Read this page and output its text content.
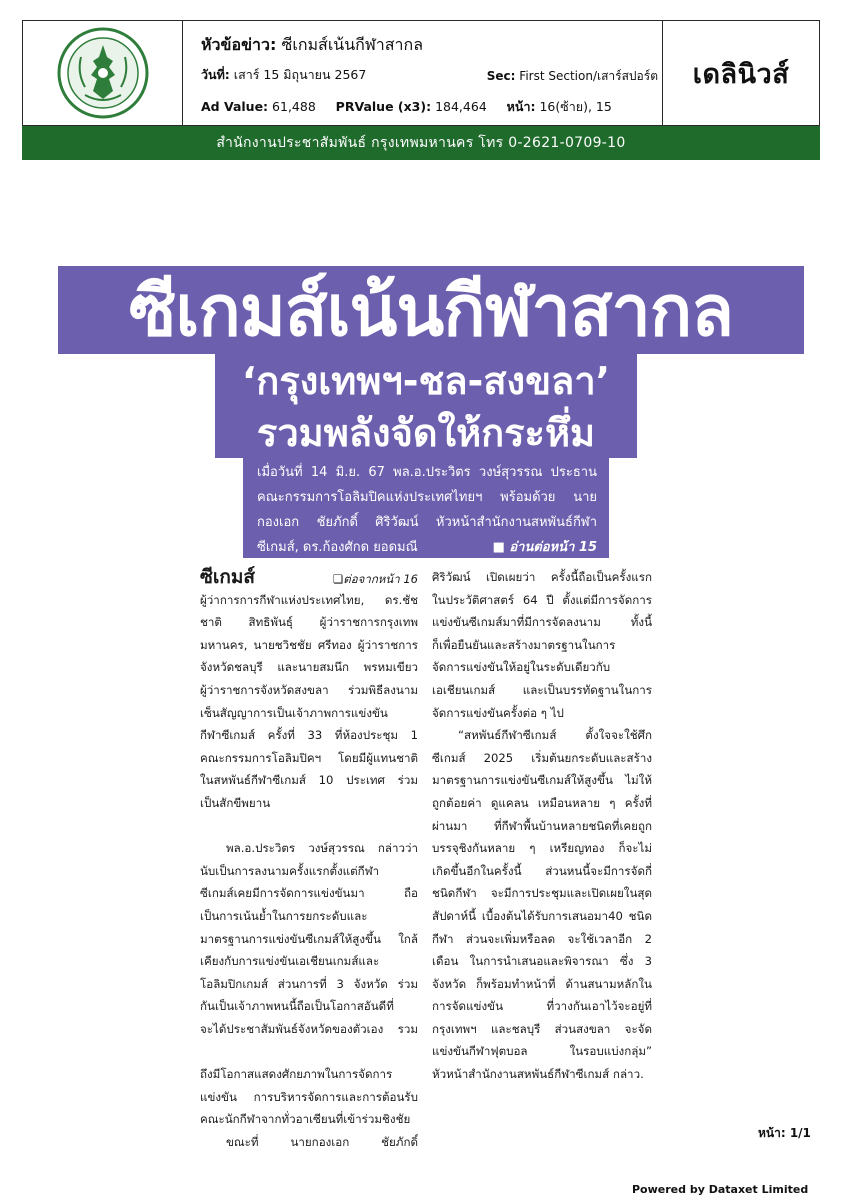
หัวข้อข่าว: ซีเกมส์เน้นกีฬาสากล
วันที่: เสาร์ 15 มิถุนายน 2567	Sec: First Section/เสาร์สปอร์ต
Ad Value: 61,488 PRValue (x3): 184,464 หน้า: 16(ซ้าย), 15
เดลินิวส์
สำนักงานประชาสัมพันธ์ กรุงเทพมหานคร โทร 0-2621-0709-10
ซีเกมส์เน้นกีฬาสากล
‘กรุงเทพฯ-ชล-สงขลา’
รวมพลังจัดให้กระหึ่ม

เมื่อวันที่ 14 มิ.ย. 67 พล.อ.ประวิตร วงษ์สุวรรณ ประธาน

คณะกรรมการโอลิมปิคแห่งประเทศไทยฯ พร้อมด้วย นาย

กองเอก ชัยภักดิ์ ศิริวัฒน์ หัวหน้าสำนักงานสหพันธ์กีฬา

ซีเกมส์, ดร.ก้องศักด ยอดมณี	■ อ่านต่อหน้า 15

ซีเกมส์	❏ต่อจากหน้า 16
ผู้ว่าการการกีฬาแห่งประเทศไทย, ดร.ชัช
ชาติ สิทธิพันธุ์ ผู้ว่าราชการกรุงเทพ
มหานคร, นายชวิชชัย ศรีทอง ผู้ว่าราชการ
จังหวัดชลบุรี และนายสมนึก พรหมเขียว
ผู้ว่าราชการจังหวัดสงขลา ร่วมพิธีลงนาม
เซ็นสัญญาการเป็นเจ้าภาพการแข่งขัน
กีฬาซีเกมส์ ครั้งที่ 33 ที่ห้องประชุม 1
คณะกรรมการโอลิมปิคฯ โดยมีผู้แทนชาติ
ในสหพันธ์กีฬาซีเกมส์ 10 ประเทศ ร่วม
เป็นสักขีพยาน
พล.อ.ประวิตร วงษ์สุวรรณ กล่าวว่า
นับเป็นการลงนามครั้งแรกตั้งแต่กีฬา
ซีเกมส์เคยมีการจัดการแข่งขันมา ถือ
เป็นการเน้นย้ำในการยกระดับและ
มาตรฐานการแข่งขันซีเกมส์ให้สูงขึ้น ใกล้
เคียงกับการแข่งขันเอเชียนเกมส์และ
โอลิมปิกเกมส์ ส่วนการที่ 3 จังหวัด ร่วม
กันเป็นเจ้าภาพหนนี้ถือเป็นโอกาสอันดีที่
จะได้ประชาสัมพันธ์จังหวัดของตัวเอง รวม
ถึงมีโอกาสแสดงศักยภาพในการจัดการ
แข่งขัน การบริหารจัดการและการต้อนรับ
คณะนักกีฬาจากทั่วอาเซียนที่เข้าร่วมชิงชัย
ขณะที่ นายกองเอก ชัยภักดิ์
ศิริวัฒน์ เปิดเผยว่า ครั้งนี้ถือเป็นครั้งแรก
ในประวัติศาสตร์ 64 ปี ตั้งแต่มีการจัดการ
แข่งขันซีเกมส์มาที่มีการจัดลงนาม ทั้งนี้
ก็เพื่อยืนยันและสร้างมาตรฐานในการ
จัดการแข่งขันให้อยู่ในระดับเดียวกับ
เอเชียนเกมส์ และเป็นบรรทัดฐานในการ
จัดการแข่งขันครั้งต่อ ๆ ไป
“สหพันธ์กีฬาซีเกมส์ ตั้งใจจะใช้ศึก
ซีเกมส์ 2025 เริ่มต้นยกระดับและสร้าง
มาตรฐานการแข่งขันซีเกมส์ให้สูงขึ้น ไม่ให้
ถูกต้อยค่า ดูแคลน เหมือนหลาย ๆ ครั้งที่
ผ่านมา ที่กีฬาพื้นบ้านหลายชนิดที่เคยถูก
บรรจุชิงกันหลาย ๆ เหรียญทอง ก็จะไม่
เกิดขึ้นอีกในครั้งนี้ ส่วนหนนี้จะมีการจัดกี่
ชนิดกีฬา จะมีการประชุมและเปิดเผยในสุด
สัปดาห์นี้ เบื้องต้นได้รับการเสนอมา40 ชนิด
กีฬา ส่วนจะเพิ่มหรือลด จะใช้เวลาอีก 2
เดือน ในการนำเสนอและพิจารณา ซึ่ง 3
จังหวัด ก็พร้อมทำหน้าที่ ด้านสนามหลักใน
การจัดแข่งขัน ที่วางกันเอาไว้จะอยู่ที่
กรุงเทพฯ และชลบุรี ส่วนสงขลา จะจัด
แข่งขันกีฬาฟุตบอล ในรอบแบ่งกลุ่ม”
หัวหน้าสำนักงานสหพันธ์กีฬาซีเกมส์ กล่าว.
หน้า: 1/1
Powered by Dataxet Limited
